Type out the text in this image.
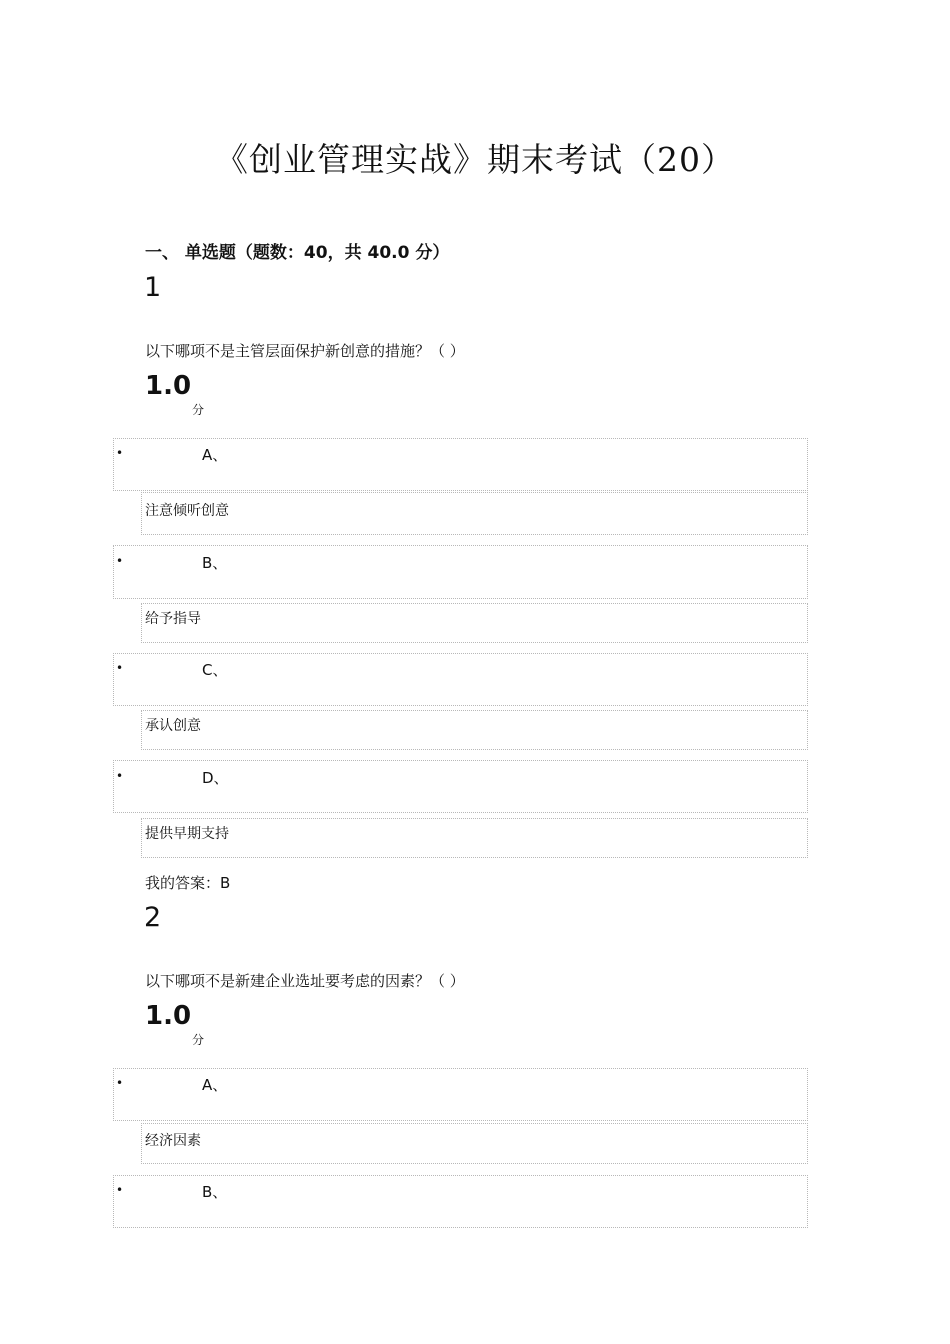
《创业管理实战》期末考试（20）
一、 单选题（题数：40，共 40.0 分）
1
以下哪项不是主管层面保护新创意的措施？（ ）
1.0
分
•	A、
注意倾听创意
•	B、
给予指导
•	C、
承认创意
•	D、
提供早期支持
我的答案：B
2
以下哪项不是新建企业选址要考虑的因素？（ ）
1.0
分
•	A、
经济因素
•	B、
